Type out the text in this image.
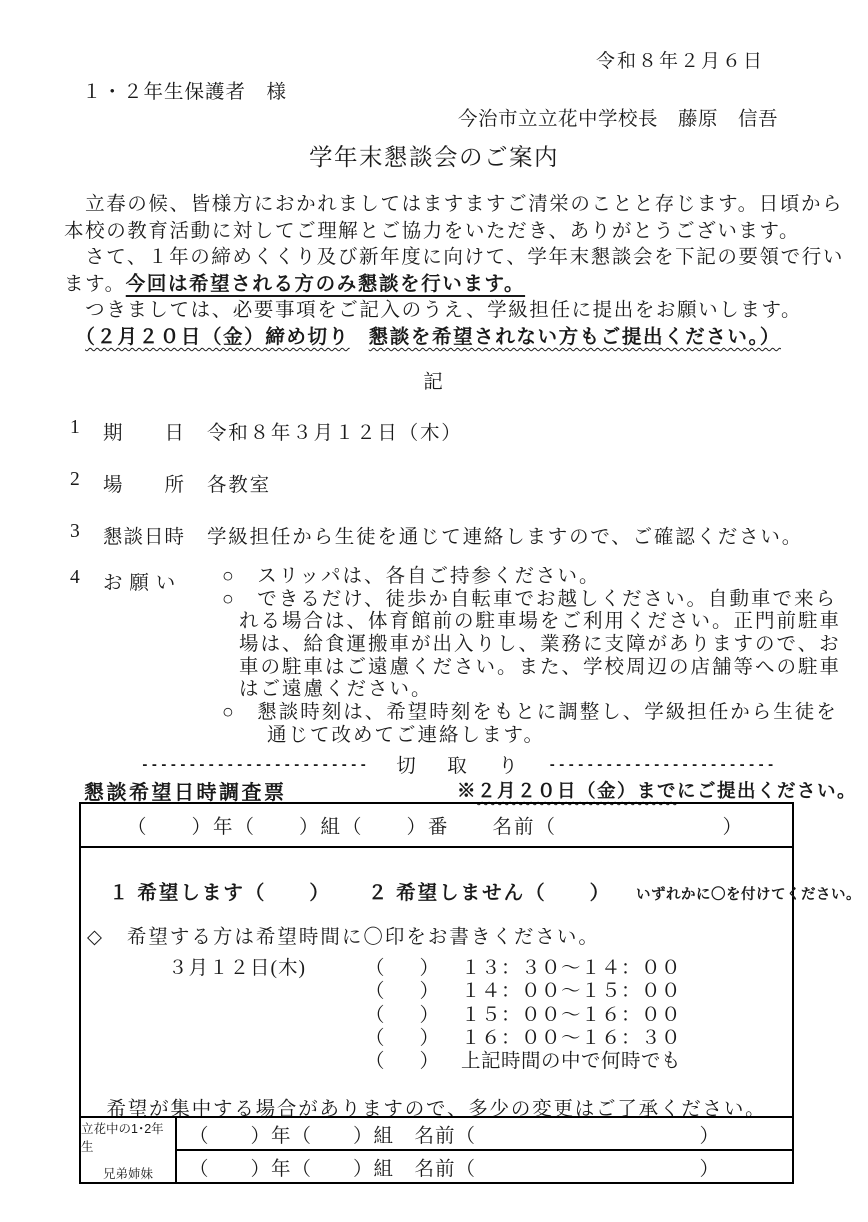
令和８年２月６日
１・２年生保護者　様
今治市立立花中学校長　藤原　信吾
学年末懇談会のご案内
　立春の候、皆様方におかれましてはますますご清栄のことと存じます。日頃から
本校の教育活動に対してご理解とご協力をいただき、ありがとうございます。
　さて、１年の締めくくり及び新年度に向けて、学年末懇談会を下記の要領で行い
ます。今回は希望される方のみ懇談を行います。
　つきましては、必要事項をご記入のうえ、学級担任に提出をお願いします。
　（２月２０日（金）締め切り 懇談を希望されない方もご提出ください。）
記
1 期　　日 令和８年３月１２日（木）
2 場　　所 各教室
3 懇談日時 学級担任から生徒を通じて連絡しますので、ご確認ください。
4 お 願 い ○　スリッパは、各自ご持参ください。
○　できるだけ、徒歩か自転車でお越しください。自動車で来ら
れる場合は、体育館前の駐車場をご利用ください。正門前駐車
場は、給食運搬車が出入りし、業務に支障がありますので、お
車の駐車はご遠慮ください。また、学校周辺の店舗等への駐車
はご遠慮ください。
○　懇談時刻は、希望時刻をもとに調整し、学級担任から生徒を
通じて改めてご連絡します。
------------------------ 切　取　り ------------------------
懇談希望日時調査票	※２月２０日（金）までにご提出ください。
（　　）年（　　）組（　　）番　　名前（	）
１ 希望します（　　） ２ 希望しません（　　） いずれかに〇を付けてください。
◇ 希望する方は希望時間に〇印をお書きください。
３月１２日(木)	（ ） １３：３０～１４：００
（ ） １４：００～１５：００
（ ） １５：００～１６：００
（ ） １６：００～１６：３０
（ ） 上記時間の中で何時でも
希望が集中する場合がありますので、多少の変更はご了承ください。
立花中の1･2年生
兄弟姉妹
（　　）年（　　）組　名前（	）
（　　）年（　　）組　名前（	）
